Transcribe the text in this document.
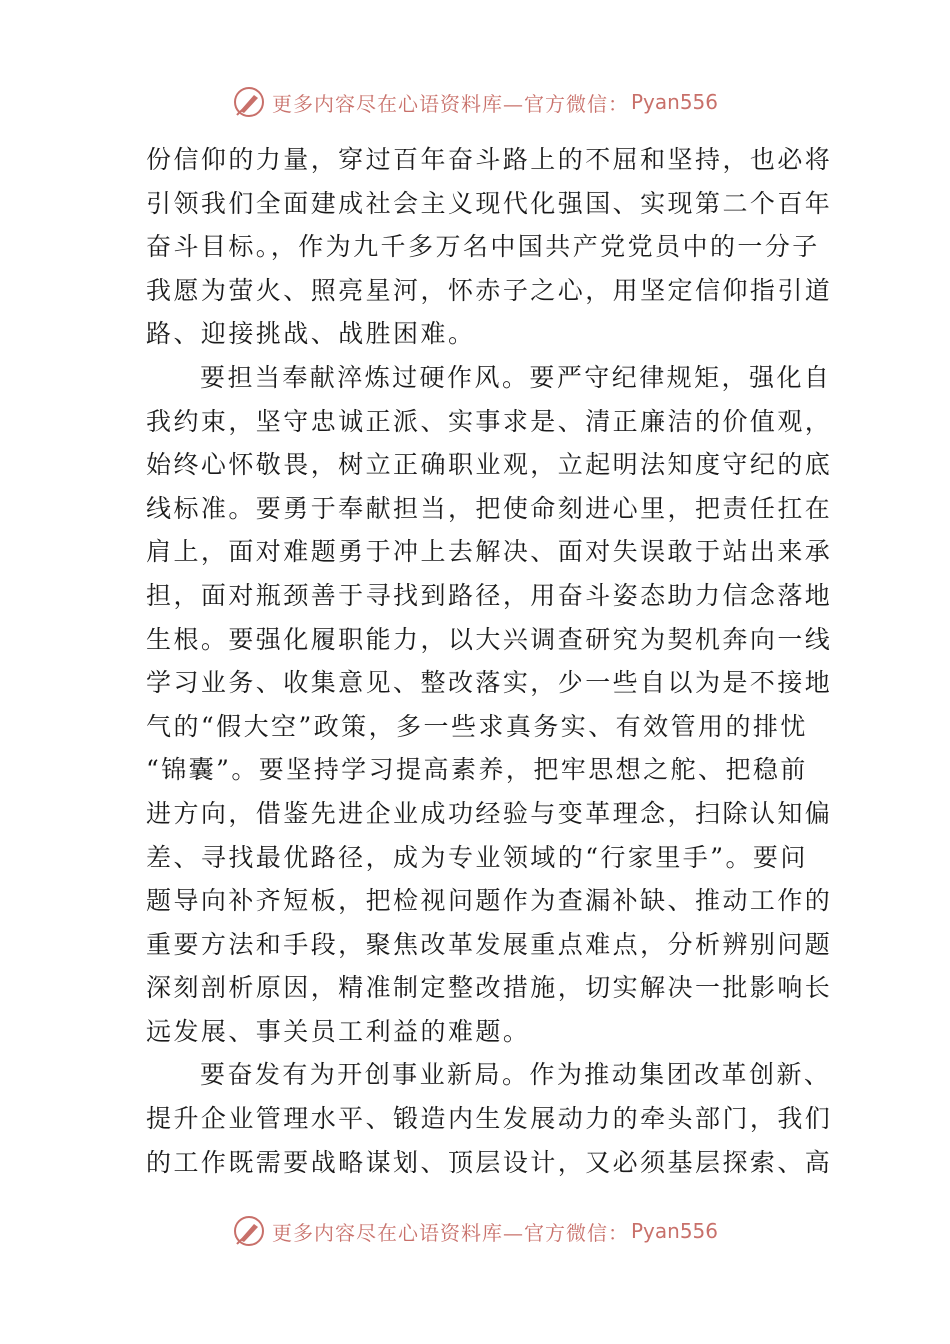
更多内容尽在心语资料库—官方微信： Pyan556
份信仰的力量，穿过百年奋斗路上的不屈和坚持，也必将
引领我们全面建成社会主义现代化强国、实现第二个百年
奋斗目标。，作为九千多万名中国共产党党员中的一分子
我愿为萤火、照亮星河，怀赤子之心，用坚定信仰指引道
路、迎接挑战、战胜困难。
要担当奉献淬炼过硬作风。要严守纪律规矩，强化自
我约束，坚守忠诚正派、实事求是、清正廉洁的价值观，
始终心怀敬畏，树立正确职业观，立起明法知度守纪的底
线标准。要勇于奉献担当，把使命刻进心里，把责任扛在
肩上，面对难题勇于冲上去解决、面对失误敢于站出来承
担，面对瓶颈善于寻找到路径，用奋斗姿态助力信念落地
生根。要强化履职能力，以大兴调查研究为契机奔向一线
学习业务、收集意见、整改落实，少一些自以为是不接地
气的“假大空”政策，多一些求真务实、有效管用的排忧
“锦囊”。要坚持学习提高素养，把牢思想之舵、把稳前
进方向，借鉴先进企业成功经验与变革理念，扫除认知偏
差、寻找最优路径，成为专业领域的“行家里手”。要问
题导向补齐短板，把检视问题作为查漏补缺、推动工作的
重要方法和手段，聚焦改革发展重点难点，分析辨别问题
深刻剖析原因，精准制定整改措施，切实解决一批影响长
远发展、事关员工利益的难题。
要奋发有为开创事业新局。作为推动集团改革创新、
提升企业管理水平、锻造内生发展动力的牵头部门，我们
的工作既需要战略谋划、顶层设计，又必须基层探索、高
更多内容尽在心语资料库—官方微信： Pyan556
